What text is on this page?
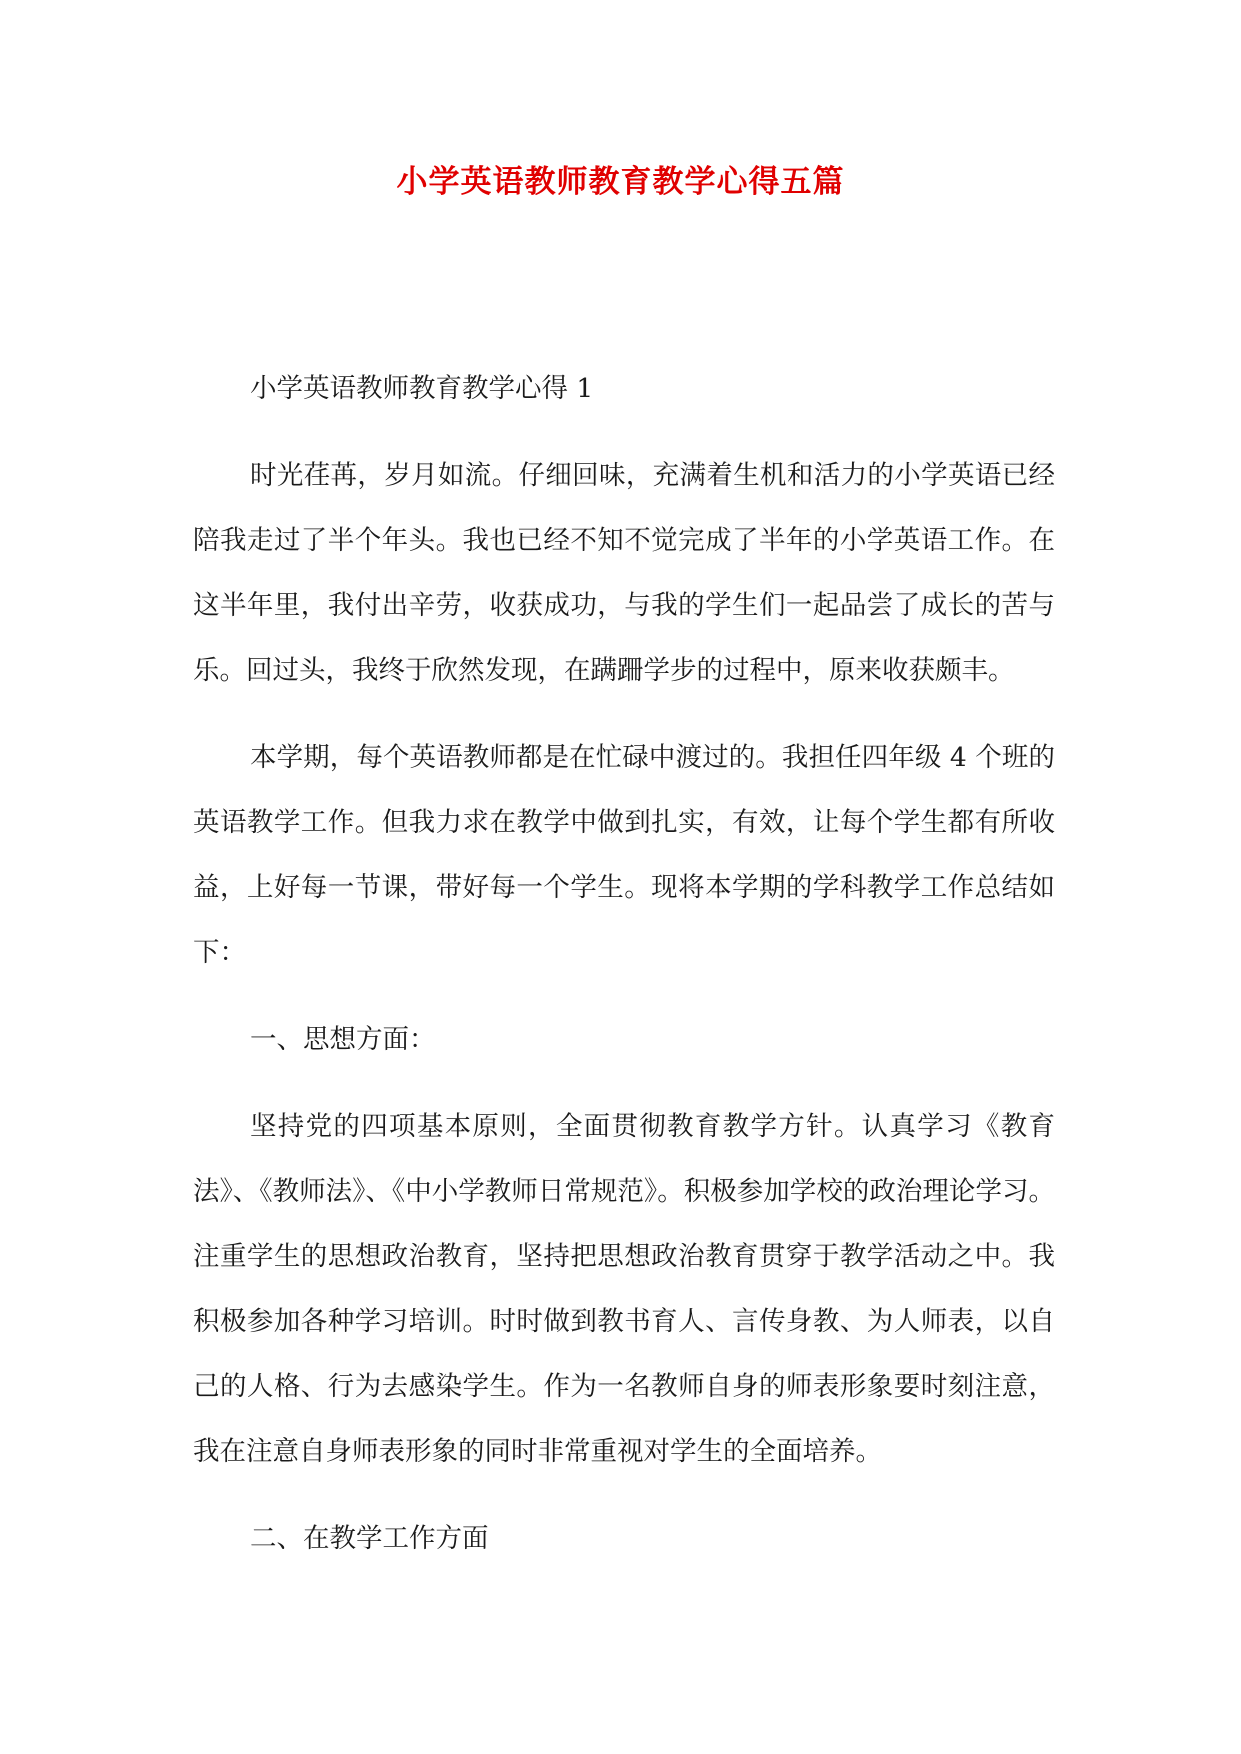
小学英语教师教育教学心得五篇

小学英语教师教育教学心得 1

时光荏苒，岁月如流。仔细回味，充满着生机和活力的小学英语已经陪我走过了半个年头。我也已经不知不觉完成了半年的小学英语工作。在这半年里，我付出辛劳，收获成功，与我的学生们一起品尝了成长的苦与乐。回过头，我终于欣然发现，在蹒跚学步的过程中，原来收获颇丰。

本学期，每个英语教师都是在忙碌中渡过的。我担任四年级 4 个班的英语教学工作。但我力求在教学中做到扎实，有效，让每个学生都有所收益，上好每一节课，带好每一个学生。现将本学期的学科教学工作总结如下：

一、思想方面：

坚持党的四项基本原则，全面贯彻教育教学方针。认真学习《教育法》、《教师法》、《中小学教师日常规范》。积极参加学校的政治理论学习。注重学生的思想政治教育，坚持把思想政治教育贯穿于教学活动之中。我积极参加各种学习培训。时时做到教书育人、言传身教、为人师表，以自己的人格、行为去感染学生。作为一名教师自身的师表形象要时刻注意，我在注意自身师表形象的同时非常重视对学生的全面培养。

二、在教学工作方面
